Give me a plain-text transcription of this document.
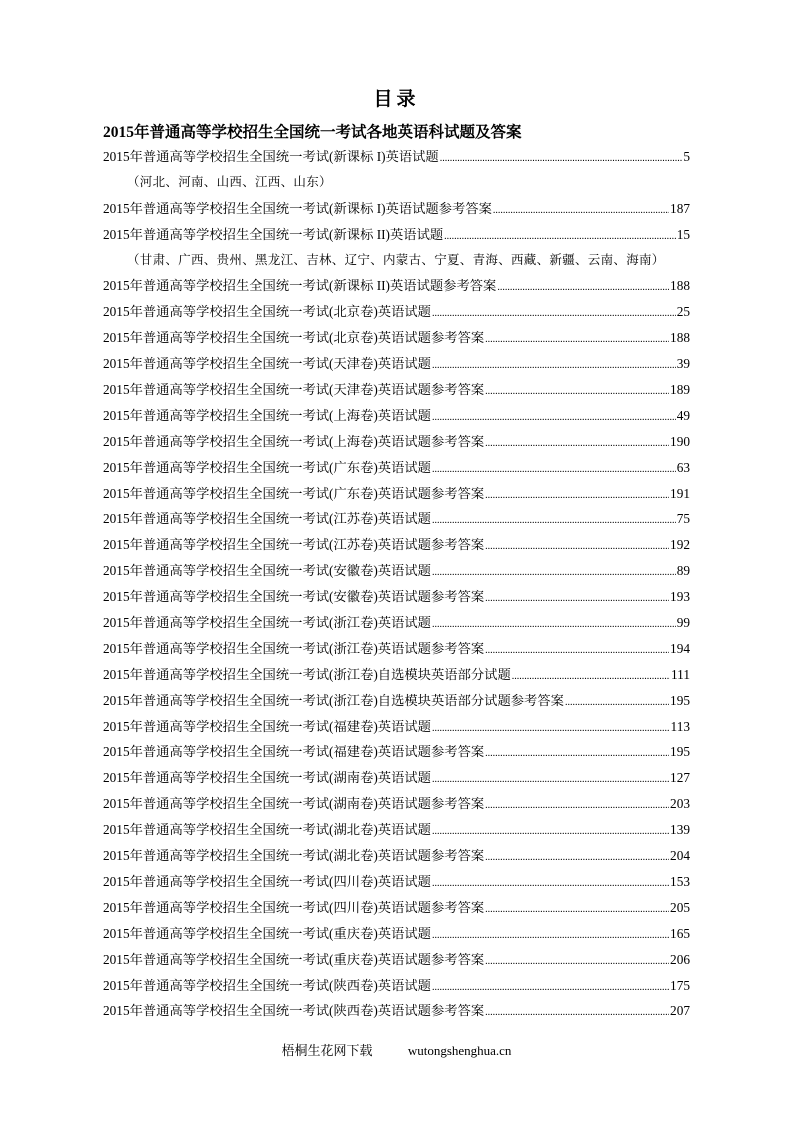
目录
2015年普通高等学校招生全国统一考试各地英语科试题及答案
2015年普通高等学校招生全国统一考试(新课标 I)英语试题 .....	5
（河北、河南、山西、江西、山东）
2015年普通高等学校招生全国统一考试(新课标 I)英语试题参考答案 .....	187
2015年普通高等学校招生全国统一考试(新课标 II)英语试题 .....	15
（甘肃、广西、贵州、黑龙江、吉林、辽宁、内蒙古、宁夏、青海、西藏、新疆、云南、海南）
2015年普通高等学校招生全国统一考试(新课标 II)英语试题参考答案 .....	188
2015年普通高等学校招生全国统一考试(北京卷)英语试题 .....	25
2015年普通高等学校招生全国统一考试(北京卷)英语试题参考答案 .....	188
2015年普通高等学校招生全国统一考试(天津卷)英语试题 .....	39
2015年普通高等学校招生全国统一考试(天津卷)英语试题参考答案 .....	189
2015年普通高等学校招生全国统一考试(上海卷)英语试题 .....	49
2015年普通高等学校招生全国统一考试(上海卷)英语试题参考答案 .....	190
2015年普通高等学校招生全国统一考试(广东卷)英语试题 .....	63
2015年普通高等学校招生全国统一考试(广东卷)英语试题参考答案 .....	191
2015年普通高等学校招生全国统一考试(江苏卷)英语试题 .....	75
2015年普通高等学校招生全国统一考试(江苏卷)英语试题参考答案 .....	192
2015年普通高等学校招生全国统一考试(安徽卷)英语试题 .....	89
2015年普通高等学校招生全国统一考试(安徽卷)英语试题参考答案 .....	193
2015年普通高等学校招生全国统一考试(浙江卷)英语试题 .....	99
2015年普通高等学校招生全国统一考试(浙江卷)英语试题参考答案 .....	194
2015年普通高等学校招生全国统一考试(浙江卷)自选模块英语部分试题 .....	111
2015年普通高等学校招生全国统一考试(浙江卷)自选模块英语部分试题参考答案 .....	195
2015年普通高等学校招生全国统一考试(福建卷)英语试题 .....	113
2015年普通高等学校招生全国统一考试(福建卷)英语试题参考答案 .....	195
2015年普通高等学校招生全国统一考试(湖南卷)英语试题 .....	127
2015年普通高等学校招生全国统一考试(湖南卷)英语试题参考答案 .....	203
2015年普通高等学校招生全国统一考试(湖北卷)英语试题 .....	139
2015年普通高等学校招生全国统一考试(湖北卷)英语试题参考答案 .....	204
2015年普通高等学校招生全国统一考试(四川卷)英语试题 .....	153
2015年普通高等学校招生全国统一考试(四川卷)英语试题参考答案 .....	205
2015年普通高等学校招生全国统一考试(重庆卷)英语试题 .....	165
2015年普通高等学校招生全国统一考试(重庆卷)英语试题参考答案 .....	206
2015年普通高等学校招生全国统一考试(陕西卷)英语试题 .....	175
2015年普通高等学校招生全国统一考试(陕西卷)英语试题参考答案 .....	207
梧桐生花网下载	wutongshenghua.cn
